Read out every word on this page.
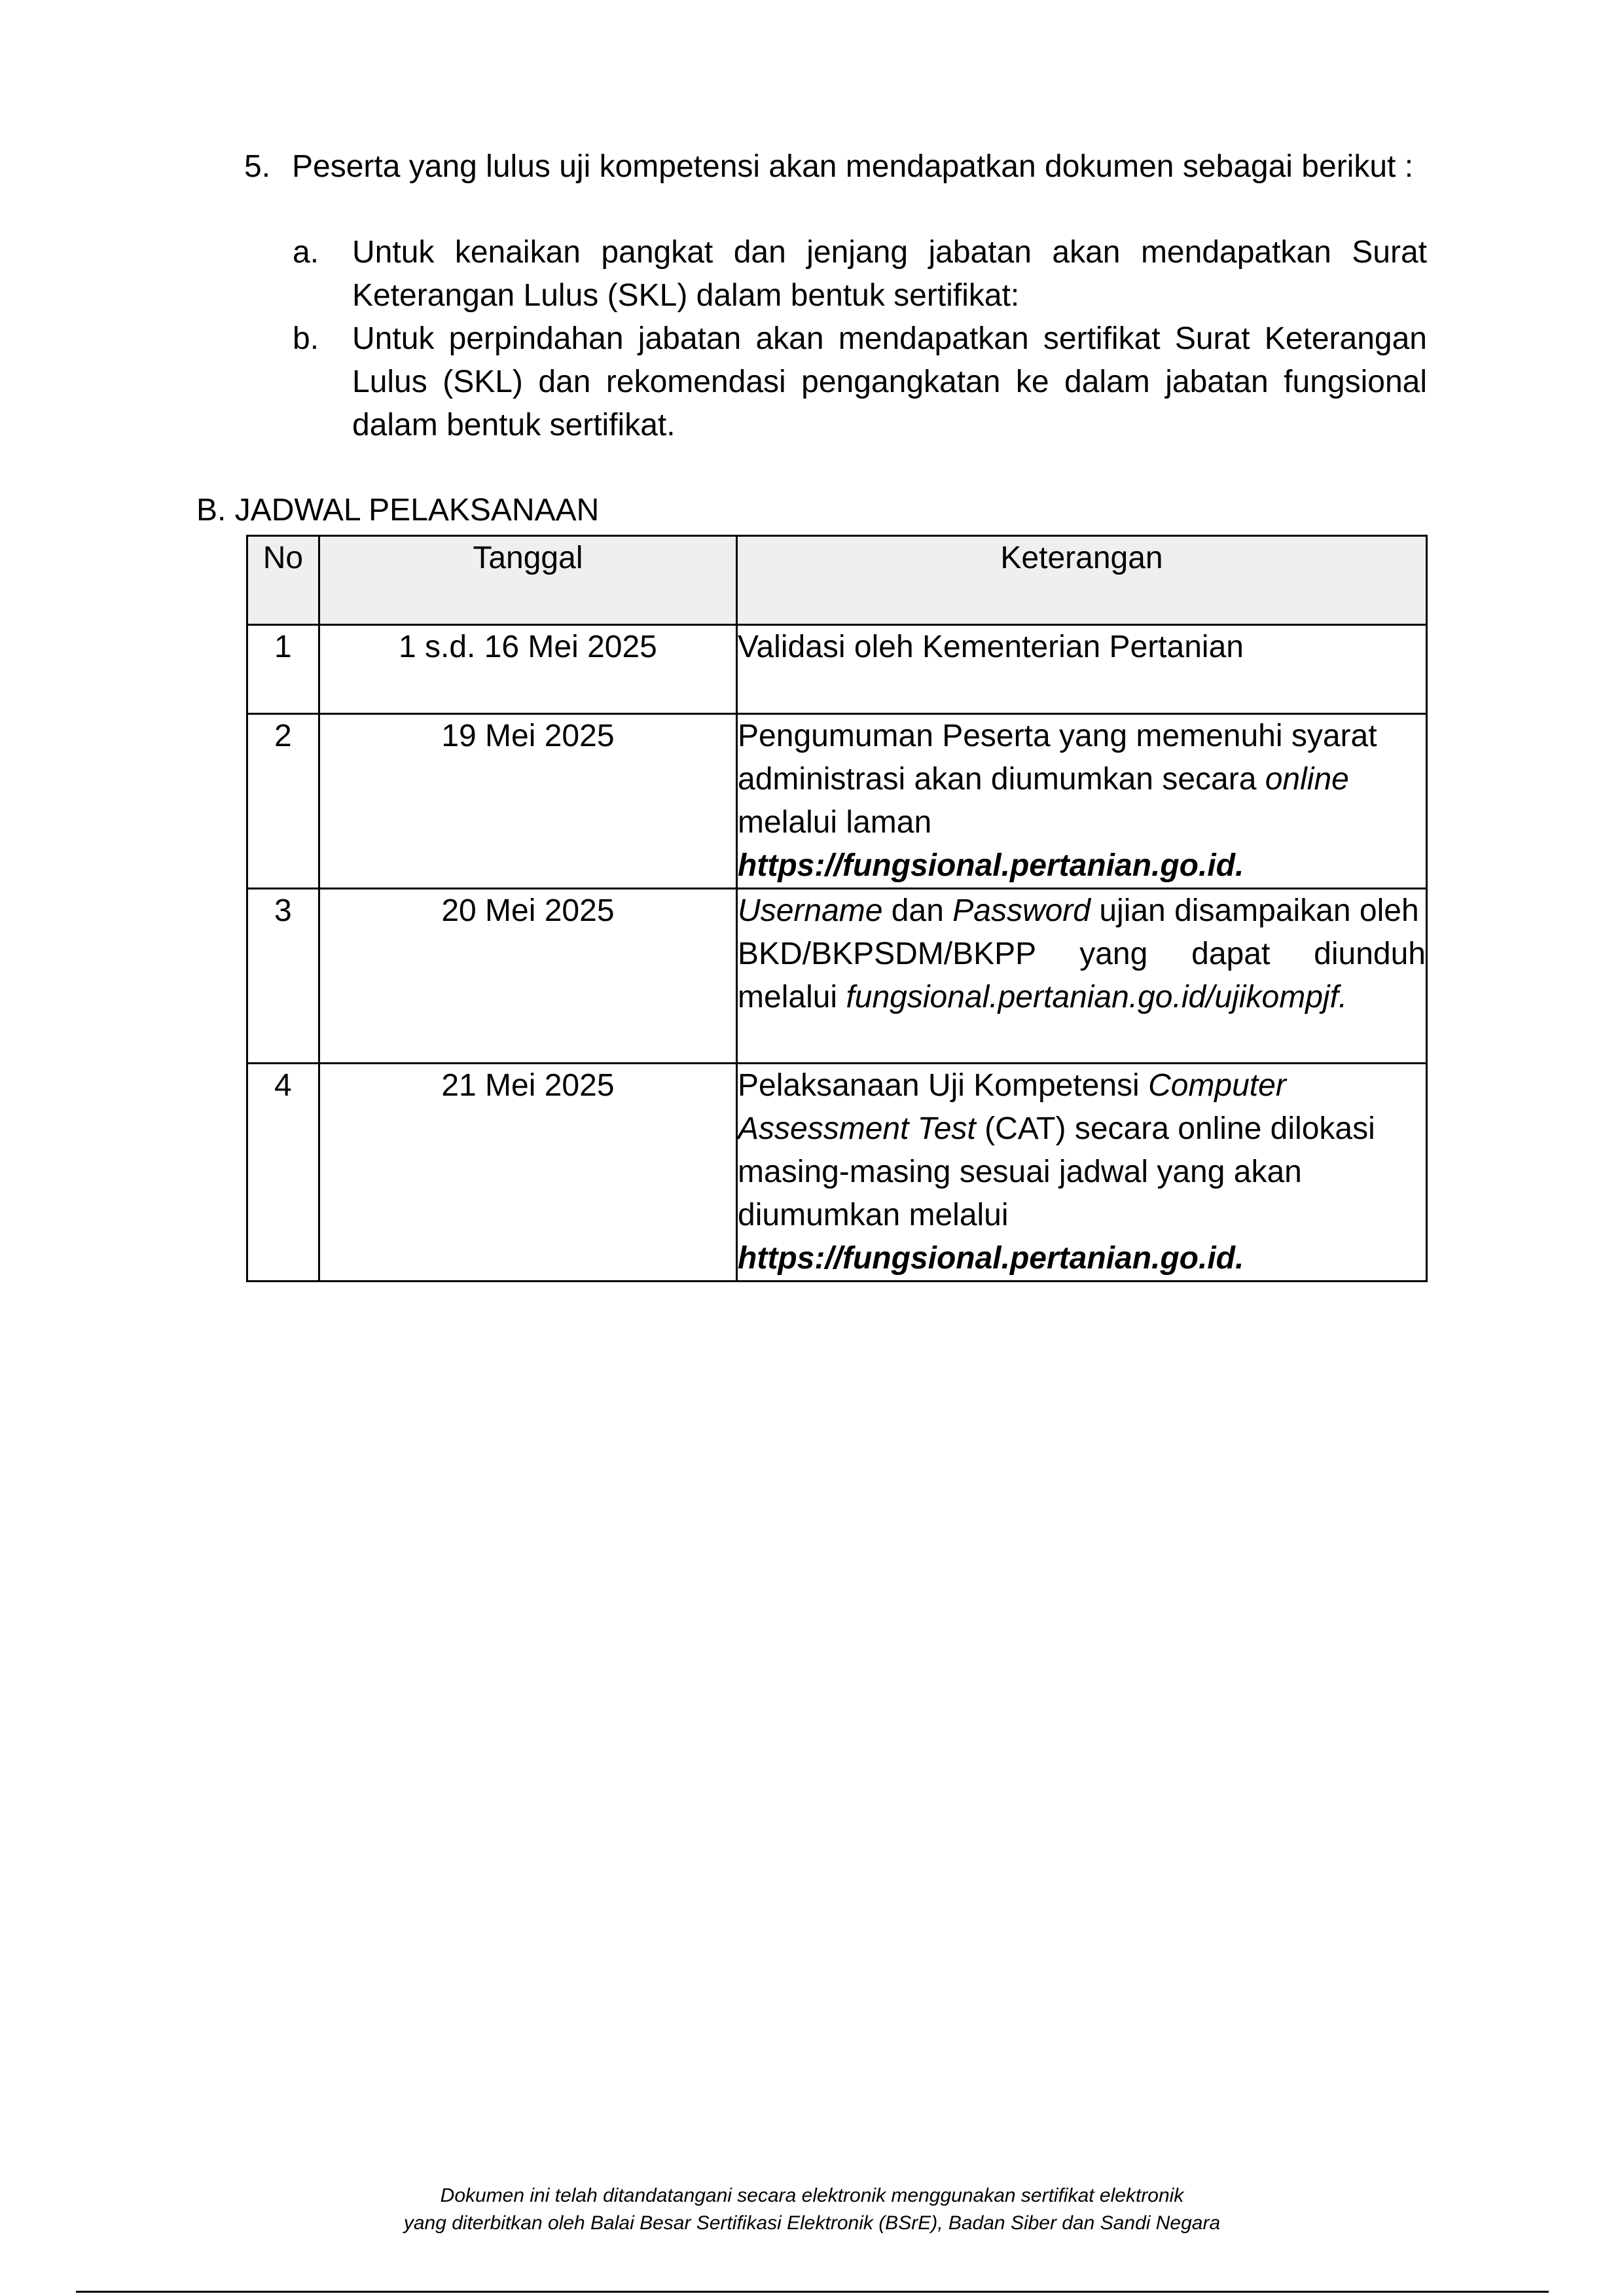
5. Peserta yang lulus uji kompetensi akan mendapatkan dokumen sebagai berikut :
a. Untuk kenaikan pangkat dan jenjang jabatan akan mendapatkan Surat Keterangan Lulus (SKL) dalam bentuk sertifikat:
b. Untuk perpindahan jabatan akan mendapatkan sertifikat Surat Keterangan Lulus (SKL) dan rekomendasi pengangkatan ke dalam jabatan fungsional dalam bentuk sertifikat.
B. JADWAL PELAKSANAAN
No	Tanggal	Keterangan
1	1 s.d. 16 Mei 2025	Validasi oleh Kementerian Pertanian
2	19 Mei 2025	Pengumuman Peserta yang memenuhi syarat administrasi akan diumumkan secara online melalui laman
https://fungsional.pertanian.go.id.
3	20 Mei 2025	Username dan Password ujian disampaikan oleh
BKD/BKPSDM/BKPP yang dapat diunduh melalui fungsional.pertanian.go.id/ujikompjf.
4	21 Mei 2025	Pelaksanaan Uji Kompetensi Computer Assessment Test (CAT) secara online dilokasi masing-masing sesuai jadwal yang akan diumumkan melalui
https://fungsional.pertanian.go.id.
Dokumen ini telah ditandatangani secara elektronik menggunakan sertifikat elektronik
yang diterbitkan oleh Balai Besar Sertifikasi Elektronik (BSrE), Badan Siber dan Sandi Negara
